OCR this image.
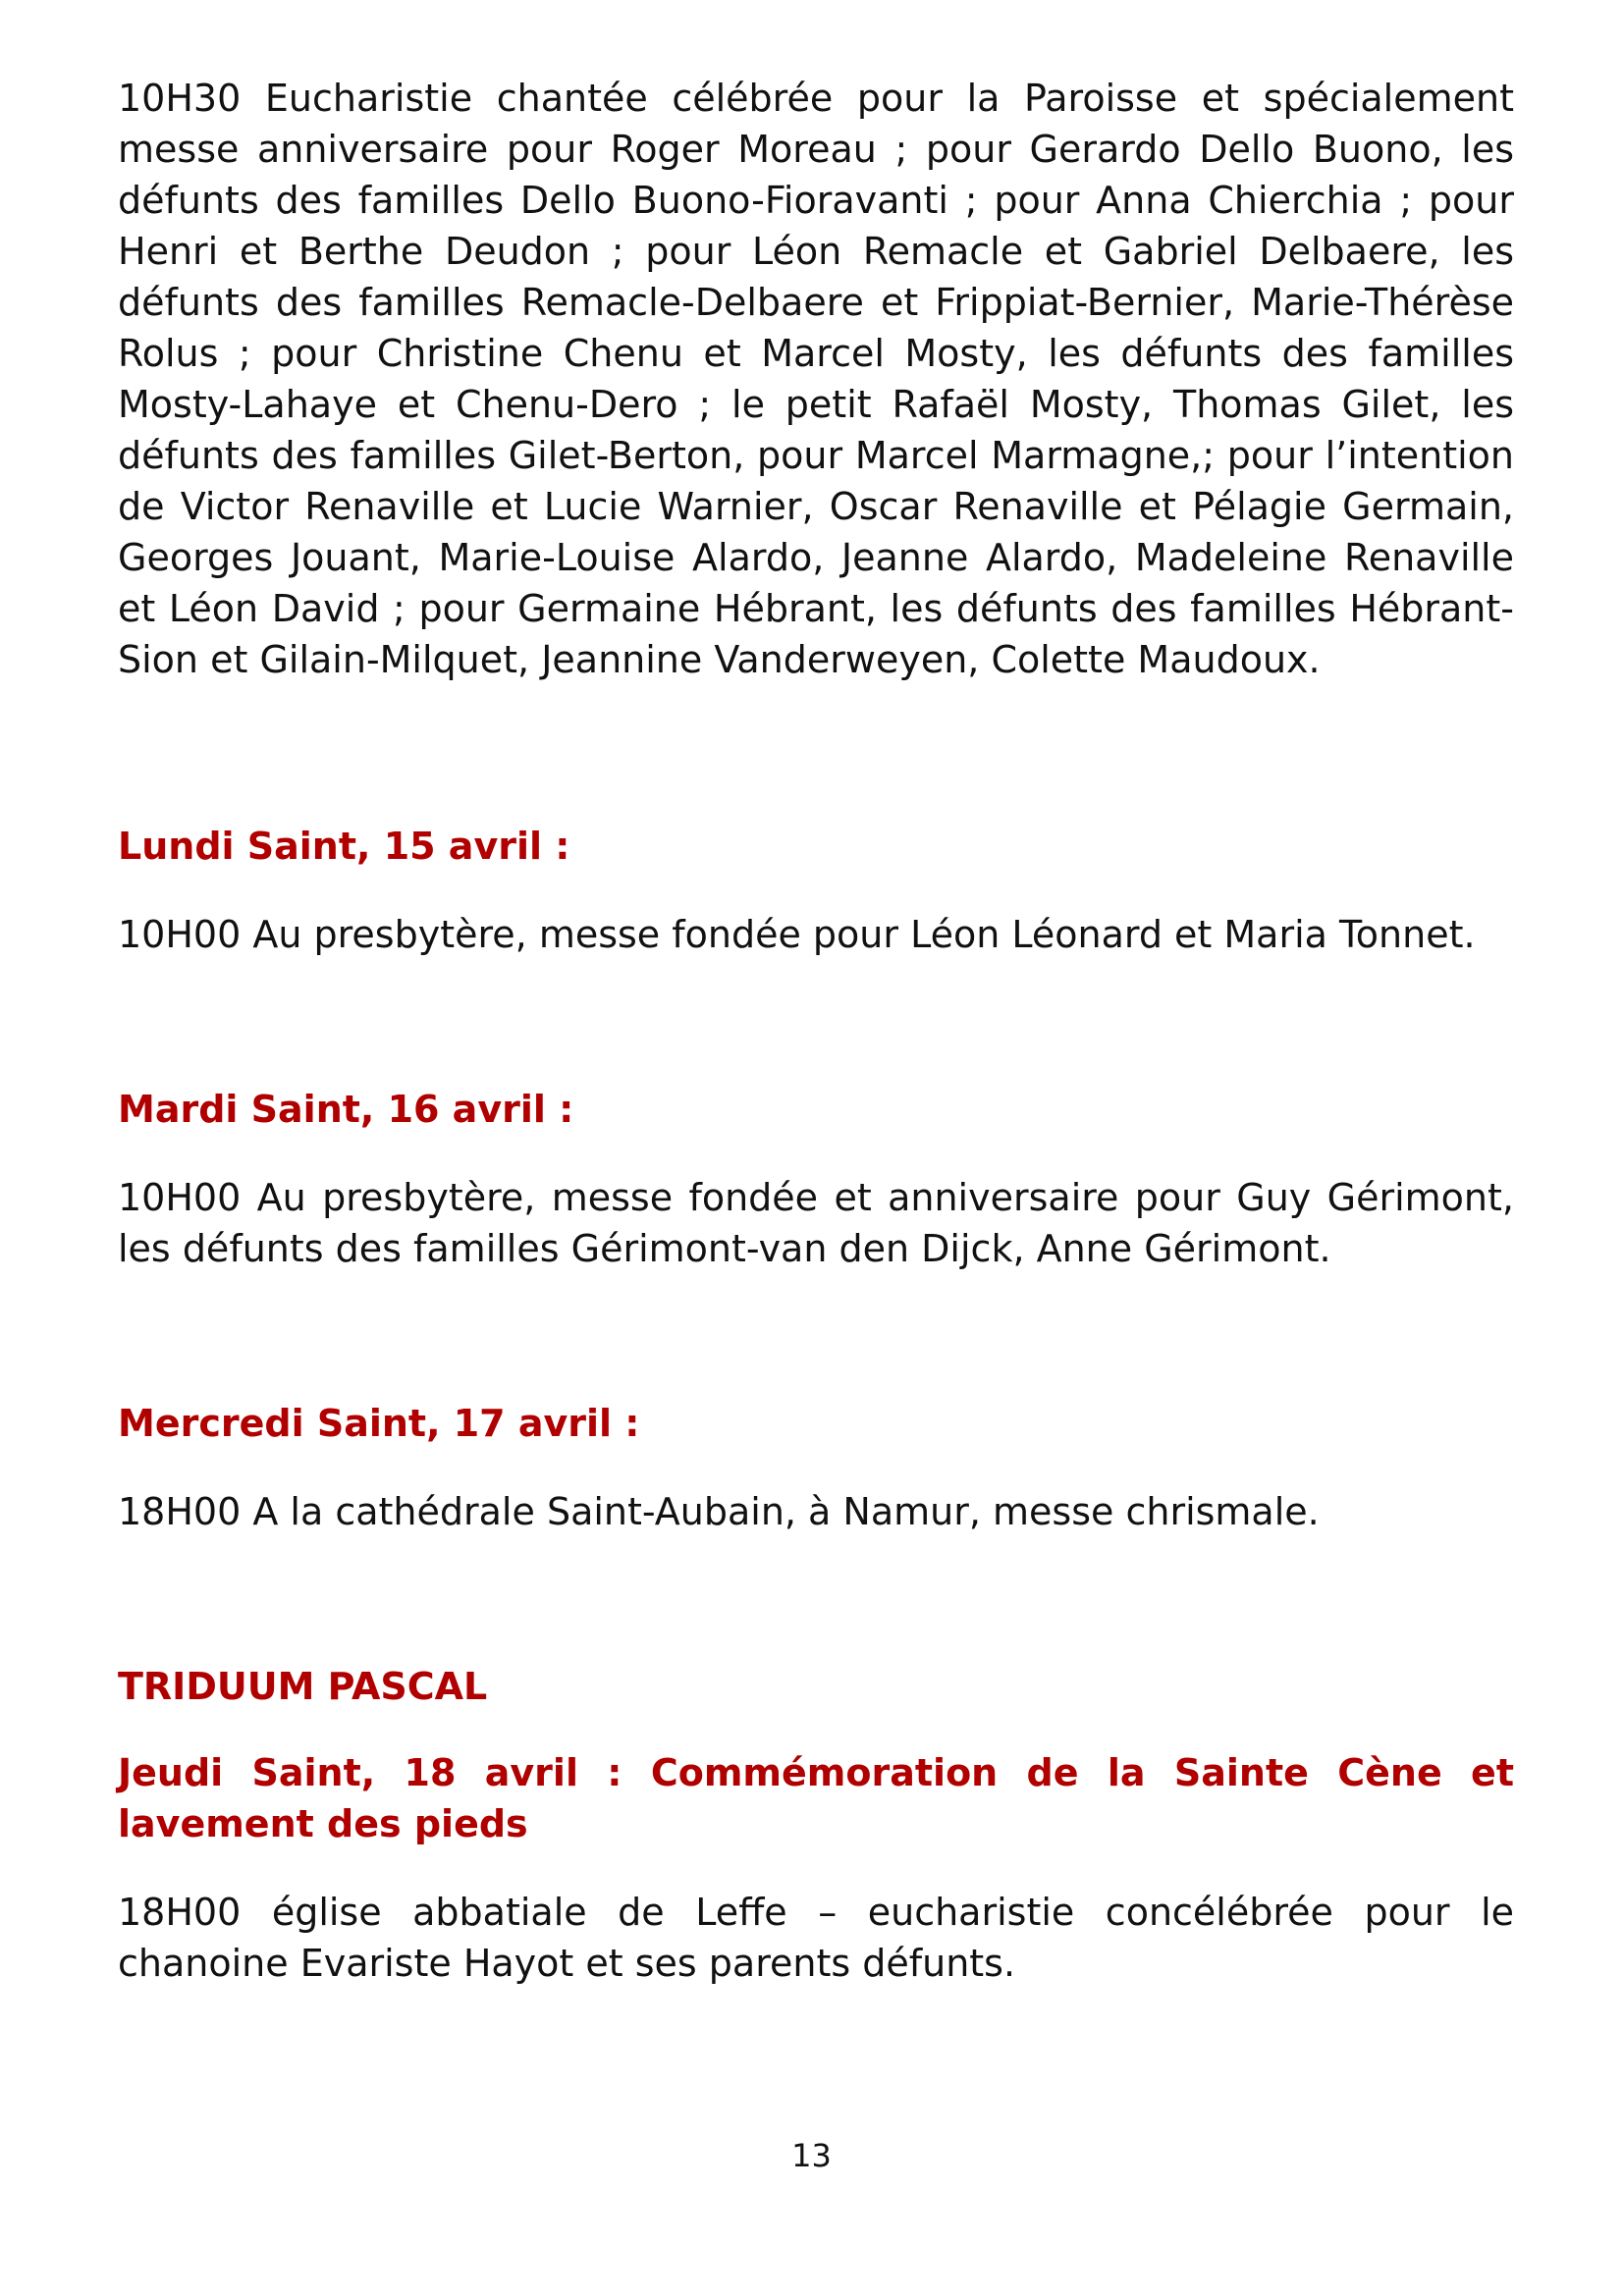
10H30 Eucharistie chantée célébrée pour la Paroisse et spécialement messe anniversaire pour Roger Moreau ; pour Gerardo Dello Buono, les défunts des familles Dello Buono-Fioravanti ; pour Anna Chierchia ; pour Henri et Berthe Deudon ; pour Léon Remacle et Gabriel Delbaere, les défunts des familles Remacle-Delbaere et Frippiat-Bernier, Marie-Thérèse Rolus ; pour Christine Chenu et Marcel Mosty, les défunts des familles Mosty-Lahaye et Chenu-Dero ; le petit Rafaël Mosty, Thomas Gilet, les défunts des familles Gilet-Berton, pour Marcel Marmagne,; pour l’intention de Victor Renaville et Lucie Warnier, Oscar Renaville et Pélagie Germain, Georges Jouant, Marie-Louise Alardo, Jeanne Alardo, Madeleine Renaville et Léon David ; pour Germaine Hébrant, les défunts des familles Hébrant-Sion et Gilain-Milquet, Jeannine Vanderweyen, Colette Maudoux.

Lundi Saint, 15 avril :

10H00 Au presbytère, messe fondée pour Léon Léonard et Maria Tonnet.

Mardi Saint, 16 avril :

10H00 Au presbytère, messe fondée et anniversaire pour Guy Gérimont, les défunts des familles Gérimont-van den Dijck, Anne Gérimont.

Mercredi Saint, 17 avril :

18H00 A la cathédrale Saint-Aubain, à Namur, messe chrismale.

TRIDUUM PASCAL

Jeudi Saint, 18 avril : Commémoration de la Sainte Cène et lavement des pieds

18H00 église abbatiale de Leffe – eucharistie concélébrée pour le chanoine Evariste Hayot et ses parents défunts.

13
